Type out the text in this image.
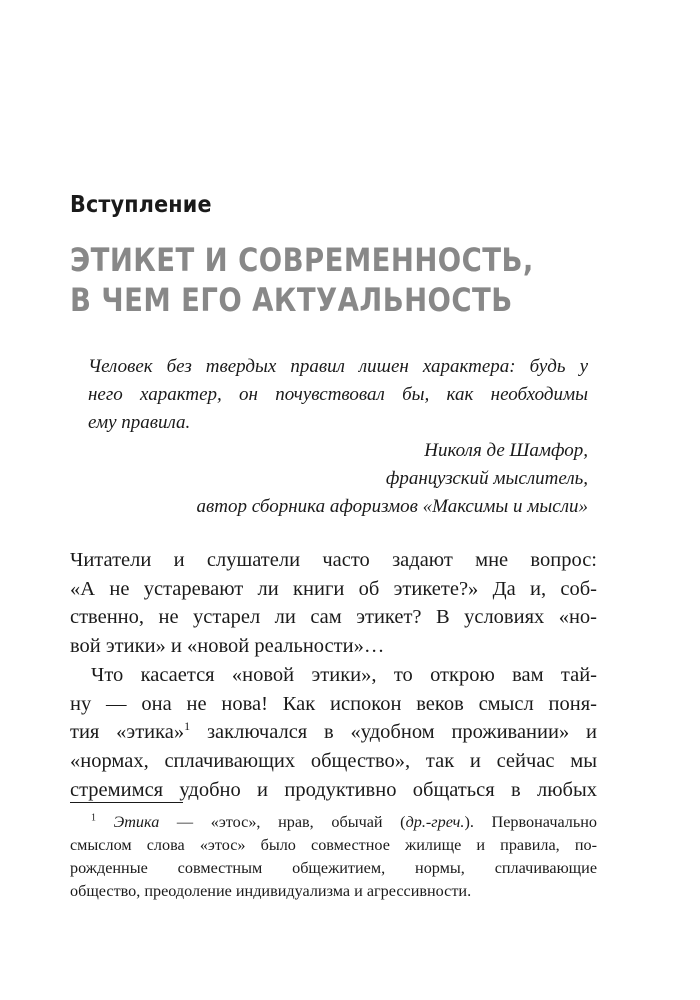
Вступление
ЭТИКЕТ И СОВРЕМЕННОСТЬ,
В ЧЕМ ЕГО АКТУАЛЬНОСТЬ
Человек без твердых правил лишен характера: будь у
него характер, он почувствовал бы, как необходимы
ему правила.
Николя де Шамфор,
французский мыслитель,
автор сборника афоризмов «Максимы и мысли»
Читатели и слушатели часто задают мне вопрос:
«А не устаревают ли книги об этикете?» Да и, соб-
ственно, не устарел ли сам этикет? В условиях «но-
вой этики» и «новой реальности»…
Что касается «новой этики», то открою вам тай-
ну — она не нова! Как испокон веков смысл поня-
тия «этика»$^1$ заключался в «удобном проживании» и
«нормах, сплачивающих общество», так и сейчас мы
стремимся удобно и продуктивно общаться в любых
$^1$ Этика — «этос», нрав, обычай (др.-греч.). Первоначально
смыслом слова «этос» было совместное жилище и правила, по-
рожденные совместным общежитием, нормы, сплачивающие
общество, преодоление индивидуализма и агрессивности.
